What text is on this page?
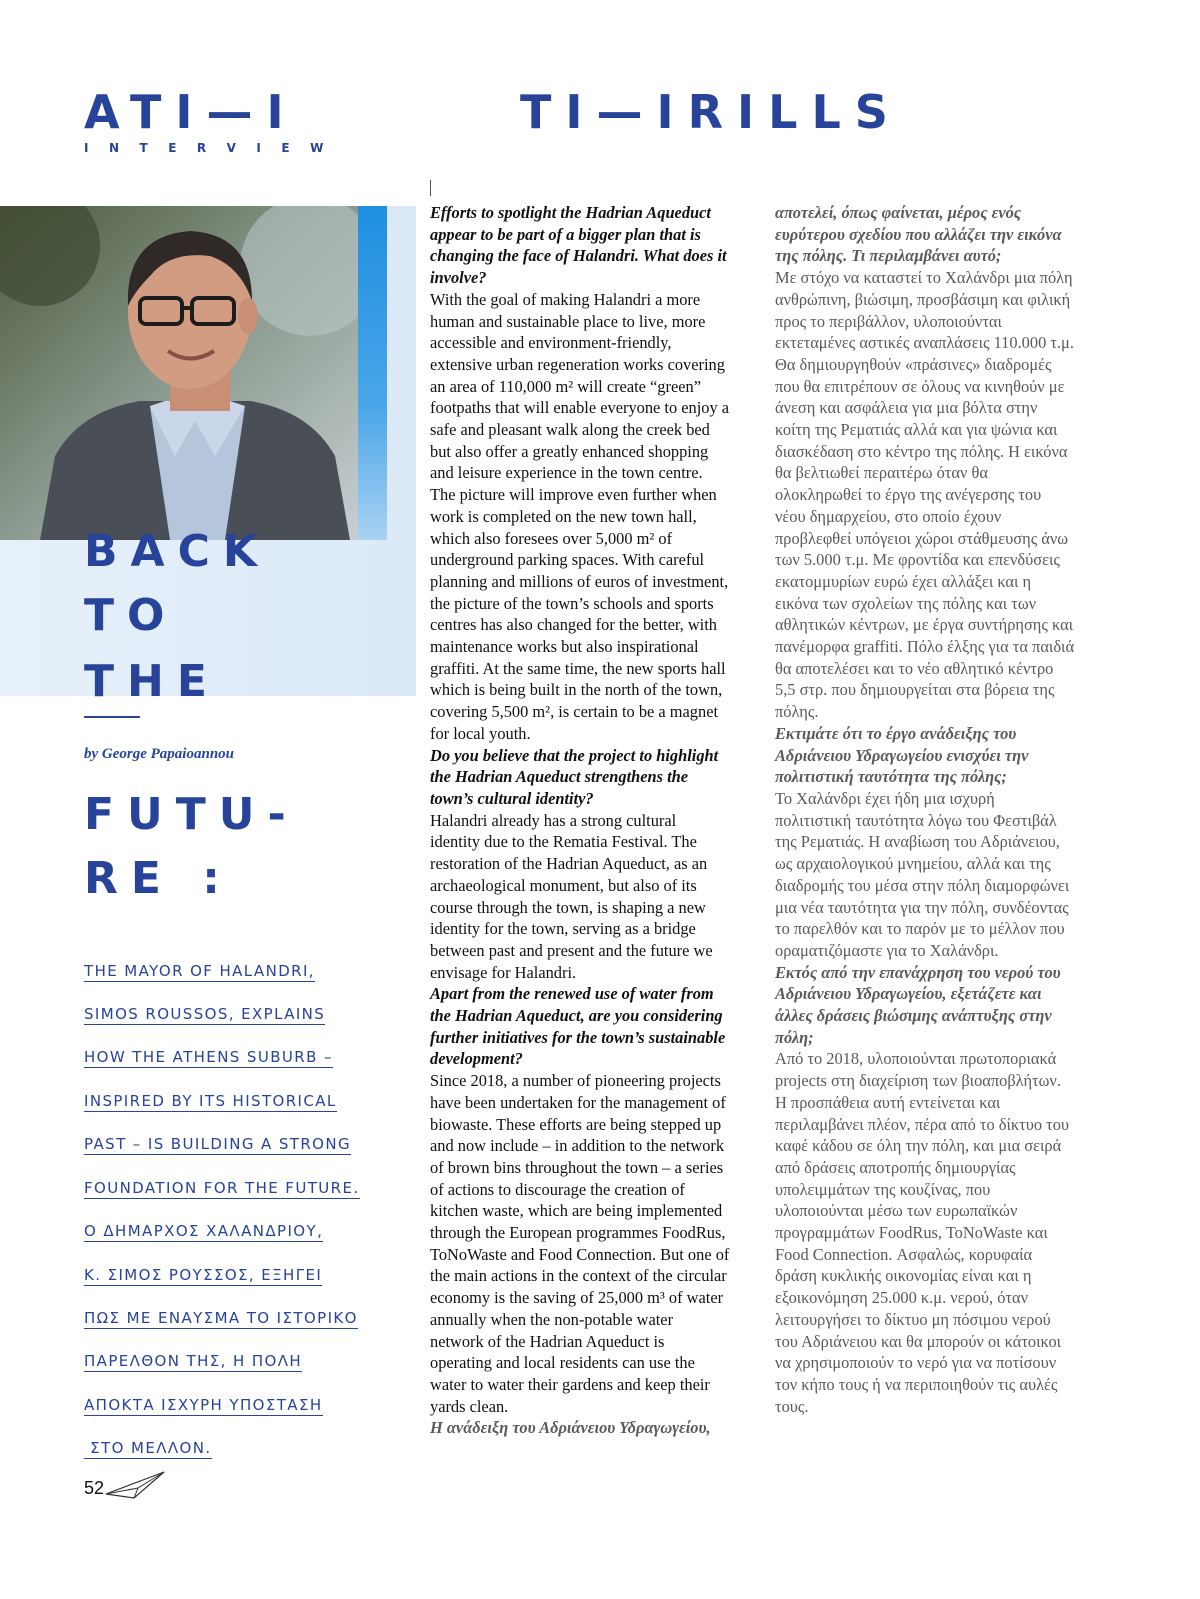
ATI—I	TI—IRILLS
INTERVIEW
BACK
TO
THE
by George Papaioannou
FUTU-
RE :
THE MAYOR OF HALANDRI,
SIMOS ROUSSOS, EXPLAINS
HOW THE ATHENS SUBURB –
INSPIRED BY ITS HISTORICAL
PAST – IS BUILDING A STRONG
FOUNDATION FOR THE FUTURE.
Ο ΔΗΜΑΡΧΟΣ ΧΑΛΑΝΔΡΙΟΥ,
Κ. ΣΙΜΟΣ ΡΟΥΣΣΟΣ, ΕΞΗΓΕΙ
ΠΩΣ ΜΕ ΕΝΑΥΣΜΑ ΤΟ ΙΣΤΟΡΙΚΟ
ΠΑΡΕΛΘΟΝ ΤΗΣ, Η ΠΟΛΗ
ΑΠΟΚΤΑ ΙΣΧΥΡΗ ΥΠΟΣΤΑΣΗ
ΣΤΟ ΜΕΛΛΟΝ.
52

Efforts to spotlight the Hadrian Aqueduct appear to be part of a bigger plan that is changing the face of Halandri. What does it involve?

With the goal of making Halandri a more human and sustainable place to live, more accessible and environment-friendly, extensive urban regeneration works covering an area of 110,000 m² will create “green” footpaths that will enable everyone to enjoy a safe and pleasant walk along the creek bed but also offer a greatly enhanced shopping and leisure experience in the town centre. The picture will improve even further when work is completed on the new town hall, which also foresees over 5,000 m² of underground parking spaces. With careful planning and millions of euros of investment, the picture of the town’s schools and sports centres has also changed for the better, with maintenance works but also inspirational graffiti. At the same time, the new sports hall which is being built in the north of the town, covering 5,500 m², is certain to be a magnet for local youth.

Do you believe that the project to highlight the Hadrian Aqueduct strengthens the town’s cultural identity?

Halandri already has a strong cultural identity due to the Rematia Festival. The restoration of the Hadrian Aqueduct, as an archaeological monument, but also of its course through the town, is shaping a new identity for the town, serving as a bridge between past and present and the future we envisage for Halandri.

Apart from the renewed use of water from the Hadrian Aqueduct, are you considering further initiatives for the town’s sustainable development?

Since 2018, a number of pioneering projects have been undertaken for the management of biowaste. These efforts are being stepped up and now include – in addition to the network of brown bins throughout the town – a series of actions to discourage the creation of kitchen waste, which are being implemented through the European programmes FoodRus, ToNoWaste and Food Connection. But one of the main actions in the context of the circular economy is the saving of 25,000 m³ of water annually when the non-potable water network of the Hadrian Aqueduct is operating and local residents can use the water to water their gardens and keep their yards clean.

Η ανάδειξη του Αδριάνειου Υδραγωγείου,

αποτελεί, όπως φαίνεται, μέρος ενός ευρύτερου σχεδίου που αλλάζει την εικόνα της πόλης. Τι περιλαμβάνει αυτό;

Με στόχο να καταστεί το Χαλάνδρι μια πόλη ανθρώπινη, βιώσιμη, προσβάσιμη και φιλική προς το περιβάλλον, υλοποιούνται εκτεταμένες αστικές αναπλάσεις 110.000 τ.μ. Θα δημιουργηθούν «πράσινες» διαδρομές που θα επιτρέπουν σε όλους να κινηθούν με άνεση και ασφάλεια για μια βόλτα στην κοίτη της Ρεματιάς αλλά και για ψώνια και διασκέδαση στο κέντρο της πόλης. Η εικόνα θα βελτιωθεί περαιτέρω όταν θα ολοκληρωθεί το έργο της ανέγερσης του νέου δημαρχείου, στο οποίο έχουν προβλεφθεί υπόγειοι χώροι στάθμευσης άνω των 5.000 τ.μ. Με φροντίδα και επενδύσεις εκατομμυρίων ευρώ έχει αλλάξει και η εικόνα των σχολείων της πόλης και των αθλητικών κέντρων, με έργα συντήρησης και πανέμορφα graffiti. Πόλο έλξης για τα παιδιά θα αποτελέσει και το νέο αθλητικό κέντρο 5,5 στρ. που δημιουργείται στα βόρεια της πόλης.

Εκτιμάτε ότι το έργο ανάδειξης του Αδριάνειου Υδραγωγείου ενισχύει την πολιτιστική ταυτότητα της πόλης;

Το Χαλάνδρι έχει ήδη μια ισχυρή πολιτιστική ταυτότητα λόγω του Φεστιβάλ της Ρεματιάς. Η αναβίωση του Αδριάνειου, ως αρχαιολογικού μνημείου, αλλά και της διαδρομής του μέσα στην πόλη διαμορφώνει μια νέα ταυτότητα για την πόλη, συνδέοντας το παρελθόν και το παρόν με το μέλλον που οραματιζόμαστε για το Χαλάνδρι.

Εκτός από την επανάχρηση του νερού του Αδριάνειου Υδραγωγείου, εξετάζετε και άλλες δράσεις βιώσιμης ανάπτυξης στην πόλη;

Από το 2018, υλοποιούνται πρωτοποριακά projects στη διαχείριση των βιοαποβλήτων. Η προσπάθεια αυτή εντείνεται και περιλαμβάνει πλέον, πέρα από το δίκτυο του καφέ κάδου σε όλη την πόλη, και μια σειρά από δράσεις αποτροπής δημιουργίας υπολειμμάτων της κουζίνας, που υλοποιούνται μέσω των ευρωπαϊκών προγραμμάτων FoodRus, ToNoWaste και Food Connection. Ασφαλώς, κορυφαία δράση κυκλικής οικονομίας είναι και η εξοικονόμηση 25.000 κ.μ. νερού, όταν λειτουργήσει το δίκτυο μη πόσιμου νερού του Αδριάνειου και θα μπορούν οι κάτοικοι να χρησιμοποιούν το νερό για να ποτίσουν τον κήπο τους ή να περιποιηθούν τις αυλές τους.
